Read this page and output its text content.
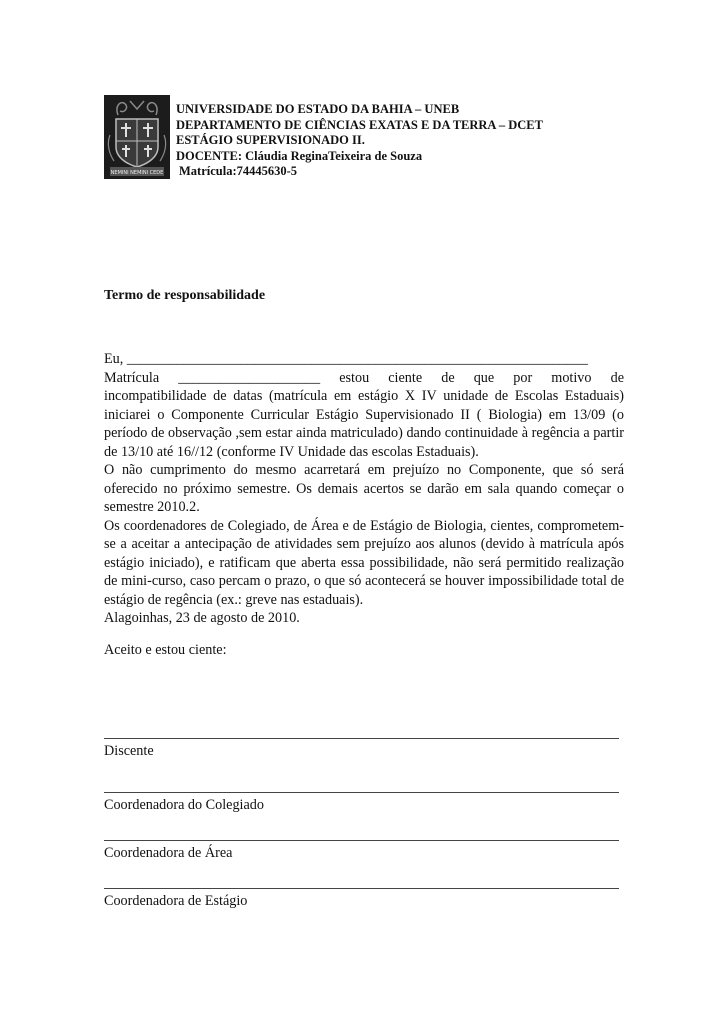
NEMINI NEMINI CEDE
UNIVERSIDADE DO ESTADO DA BAHIA – UNEB
DEPARTAMENTO DE CIÊNCIAS EXATAS E DA TERRA – DCET
ESTÁGIO SUPERVISIONADO II.
DOCENTE: Cláudia ReginaTeixeira de Souza
Matrícula:74445630-5
Termo de responsabilidade
Eu, _________________________________________________________________
Matrícula ____________________ estou ciente de que por motivo de

incompatibilidade de datas (matrícula em estágio X IV unidade de Escolas Estaduais) iniciarei o Componente Curricular Estágio Supervisionado II ( Biologia) em 13/09 (o período de observação ,sem estar ainda matriculado) dando continuidade à regência a partir de 13/10 até 16//12 (conforme IV Unidade das escolas Estaduais).

O não cumprimento do mesmo acarretará em prejuízo no Componente, que só será oferecido no próximo semestre. Os demais acertos se darão em sala quando começar o semestre 2010.2.

Os coordenadores de Colegiado, de Área e de Estágio de Biologia, cientes, comprometem-se a aceitar a antecipação de atividades sem prejuízo aos alunos (devido à matrícula após estágio iniciado), e ratificam que aberta essa possibilidade, não será permitido realização de mini-curso, caso percam o prazo, o que só acontecerá se houver impossibilidade total de estágio de regência (ex.: greve nas estaduais).

Alagoinhas, 23 de agosto de 2010.
Aceito e estou ciente:
Discente
Coordenadora do Colegiado
Coordenadora de Área
Coordenadora de Estágio
